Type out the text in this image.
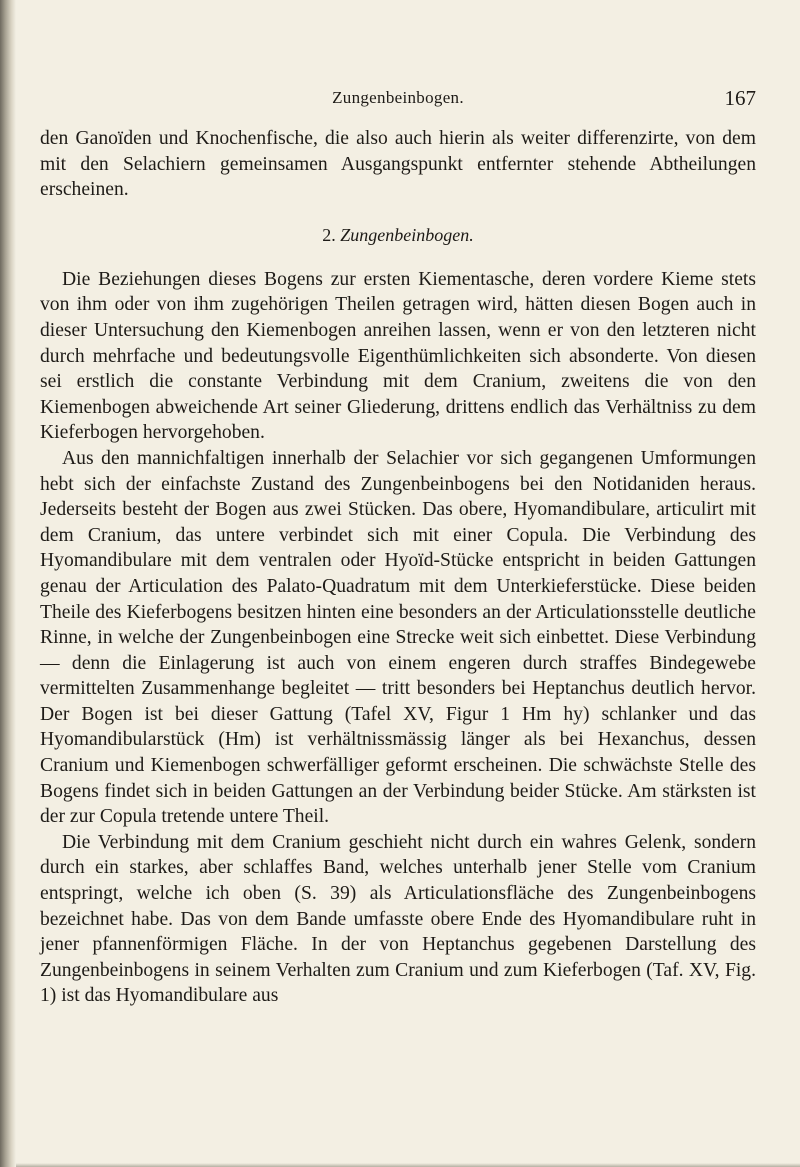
Zungenbeinbogen.	167

den Ganoïden und Knochenfische, die also auch hierin als weiter differenzirte, von dem mit den Selachiern gemeinsamen Ausgangspunkt entfernter stehende Abtheilungen erscheinen.

2. Zungenbeinbogen.

Die Beziehungen dieses Bogens zur ersten Kiementasche, deren vordere Kieme stets von ihm oder von ihm zugehörigen Theilen getragen wird, hätten diesen Bogen auch in dieser Untersuchung den Kiemenbogen anreihen lassen, wenn er von den letzteren nicht durch mehrfache und bedeutungsvolle Eigenthümlichkeiten sich absonderte. Von diesen sei erstlich die constante Verbindung mit dem Cranium, zweitens die von den Kiemenbogen abweichende Art seiner Gliederung, drittens endlich das Verhältniss zu dem Kieferbogen hervorgehoben.

Aus den mannichfaltigen innerhalb der Selachier vor sich gegangenen Umformungen hebt sich der einfachste Zustand des Zungenbeinbogens bei den Notidaniden heraus. Jederseits besteht der Bogen aus zwei Stücken. Das obere, Hyomandibulare, articulirt mit dem Cranium, das untere verbindet sich mit einer Copula. Die Verbindung des Hyomandibulare mit dem ventralen oder Hyoïd-Stücke entspricht in beiden Gattungen genau der Articulation des Palato-Quadratum mit dem Unterkieferstücke. Diese beiden Theile des Kieferbogens besitzen hinten eine besonders an der Articulationsstelle deutliche Rinne, in welche der Zungenbeinbogen eine Strecke weit sich einbettet. Diese Verbindung — denn die Einlagerung ist auch von einem engeren durch straffes Bindegewebe vermittelten Zusammenhange begleitet — tritt besonders bei Heptanchus deutlich hervor. Der Bogen ist bei dieser Gattung (Tafel XV, Figur 1 Hm hy) schlanker und das Hyomandibularstück (Hm) ist verhältnissmässig länger als bei Hexanchus, dessen Cranium und Kiemenbogen schwerfälliger geformt erscheinen. Die schwächste Stelle des Bogens findet sich in beiden Gattungen an der Verbindung beider Stücke. Am stärksten ist der zur Copula tretende untere Theil.

Die Verbindung mit dem Cranium geschieht nicht durch ein wahres Gelenk, sondern durch ein starkes, aber schlaffes Band, welches unterhalb jener Stelle vom Cranium entspringt, welche ich oben (S. 39) als Articulationsfläche des Zungenbeinbogens bezeichnet habe. Das von dem Bande umfasste obere Ende des Hyomandibulare ruht in jener pfannenförmigen Fläche. In der von Heptanchus gegebenen Darstellung des Zungenbeinbogens in seinem Verhalten zum Cranium und zum Kieferbogen (Taf. XV, Fig. 1) ist das Hyomandibulare aus
